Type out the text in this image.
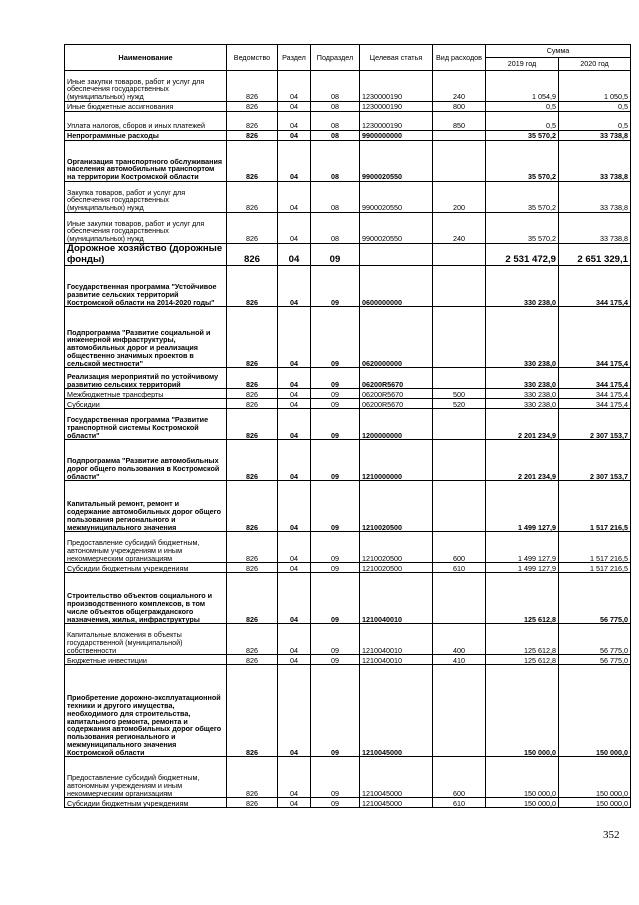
Наименование	Ведомство	Раздел	Подраздел	Целевая статья	Вид расходов	Сумма	
						2019 год	2020 год
Иные закупки товаров, работ и услуг для обеспечения государственных (муниципальных) нужд	826	04	08	1230000190	240	1 054,9	1 050,5
Иные бюджетные ассигнования	826	04	08	1230000190	800	0,5	0,5
Уплата налогов, сборов и иных платежей	826	04	08	1230000190	850	0,5	0,5
Непрограммные расходы	826	04	08	9900000000		35 570,2	33 738,8
Организация транспортного обслуживания населения автомобильным транспортом на территории Костромской области	826	04	08	9900020550		35 570,2	33 738,8
Закупка товаров, работ и услуг для обеспечения государственных (муниципальных) нужд	826	04	08	9900020550	200	35 570,2	33 738,8
Иные закупки товаров, работ и услуг для обеспечения государственных (муниципальных) нужд	826	04	08	9900020550	240	35 570,2	33 738,8
Дорожное хозяйство (дорожные фонды)	826	04	09			2 531 472,9	2 651 329,1
Государственная программа "Устойчивое развитие сельских территорий Костромской области на 2014-2020 годы"	826	04	09	0600000000		330 238,0	344 175,4
Подпрограмма "Развитие социальной и инженерной инфраструктуры, автомобильных дорог и реализация общественно значимых проектов в сельской местности"	826	04	09	0620000000		330 238,0	344 175,4
Реализация мероприятий по устойчивому развитию сельских территорий	826	04	09	06200R5670		330 238,0	344 175,4
Межбюджетные трансферты	826	04	09	06200R5670	500	330 238,0	344 175,4
Субсидии	826	04	09	06200R5670	520	330 238,0	344 175,4
Государственная программа "Развитие транспортной системы Костромской области"	826	04	09	1200000000		2 201 234,9	2 307 153,7
Подпрограмма "Развитие автомобильных дорог общего пользования в Костромской области"	826	04	09	1210000000		2 201 234,9	2 307 153,7
Капитальный ремонт, ремонт и содержание автомобильных дорог общего пользования регионального и межмуниципального значения	826	04	09	1210020500		1 499 127,9	1 517 216,5
Предоставление субсидий бюджетным, автономным учреждениям и иным некоммерческим организациям	826	04	09	1210020500	600	1 499 127,9	1 517 216,5
Субсидии бюджетным учреждениям	826	04	09	1210020500	610	1 499 127,9	1 517 216,5
Строительство объектов социального и производственного комплексов, в том числе объектов общегражданского назначения, жилья, инфраструктуры	826	04	09	1210040010		125 612,8	56 775,0
Капитальные вложения в объекты государственной (муниципальной) собственности	826	04	09	1210040010	400	125 612,8	56 775,0
Бюджетные инвестиции	826	04	09	1210040010	410	125 612,8	56 775,0
Приобретение дорожно-эксплуатационной техники и другого имущества, необходимого для строительства, капитального ремонта, ремонта и содержания автомобильных дорог общего пользования регионального и межмуниципального значения Костромской области	826	04	09	1210045000		150 000,0	150 000,0
Предоставление субсидий бюджетным, автономным учреждениям и иным некоммерческим организациям	826	04	09	1210045000	600	150 000,0	150 000,0
Субсидии бюджетным учреждениям	826	04	09	1210045000	610	150 000,0	150 000,0
352
